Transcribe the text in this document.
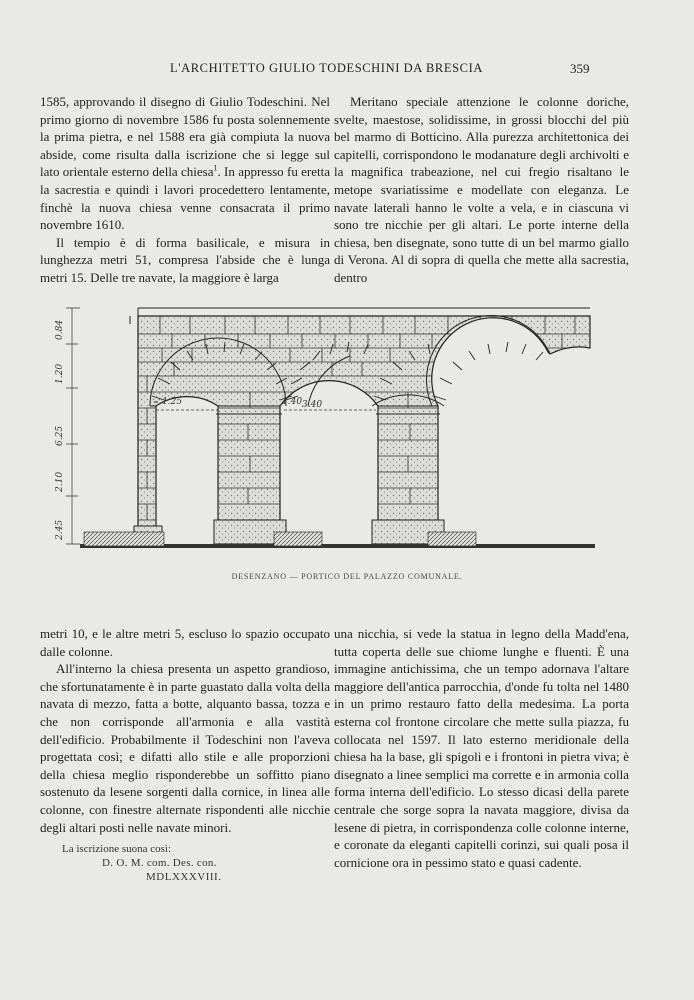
L'ARCHITETTO GIULIO TODESCHINI DA BRESCIA	359

1585, approvando il disegno di Giulio Todeschini. Nel primo giorno di novembre 1586 fu posta solennemente la prima pietra, e nel 1588 era già compiuta la nuova abside, come risulta dalla iscrizione che si legge sul lato orientale esterno della chiesa$^1$. In appresso fu eretta la sacrestia e quindi i lavori procedettero lentamente, finchè la nuova chiesa venne consacrata il primo novembre 1610.

Il tempio è di forma basilicale, e misura in lunghezza metri 51, compresa l'abside che è lunga metri 15. Delle tre navate, la maggiore è larga

Meritano speciale attenzione le colonne doriche, svelte, maestose, solidissime, in grossi blocchi del più bel marmo di Botticino. Alla purezza architettonica dei capitelli, corrispondono le modanature degli archivolti e la magnifica trabeazione, nel cui fregio risaltano le metope svariatissime e modellate con eleganza. Le navate laterali hanno le volte a vela, e in ciascuna vi sono tre nicchie per gli altari. Le porte interne della chiesa, ben disegnate, sono tutte di un bel marmo giallo di Verona. Al di sopra di quella che mette alla sacrestia, dentro

3.40
1.25	1.40
6.25
0.84
1.20
2.10
2.45
DESENZANO — PORTICO DEL PALAZZO COMUNALE.

metri 10, e le altre metri 5, escluso lo spazio occupato dalle colonne.

All'interno la chiesa presenta un aspetto grandioso, che sfortunatamente è in parte guastato dalla volta della navata di mezzo, fatta a botte, alquanto bassa, tozza e che non corrisponde all'armonia e alla vastità dell'edificio. Probabilmente il Todeschini non l'aveva progettata così; e difatti allo stile e alle proporzioni della chiesa meglio risponderebbe un soffitto piano sostenuto da lesene sorgenti dalla cornice, in linea alle colonne, con finestre alternate rispondenti alle nicchie degli altari posti nelle navate minori.

una nicchia, si vede la statua in legno della Madd'ena, tutta coperta delle sue chiome lunghe e fluenti. È una immagine antichissima, che un tempo adornava l'altare maggiore dell'antica parrocchia, d'onde fu tolta nel 1480 in un primo restauro fatto della medesima. La porta esterna col frontone circolare che mette sulla piazza, fu collocata nel 1597. Il lato esterno meridionale della chiesa ha la base, gli spigoli e i frontoni in pietra viva; è disegnato a linee semplici ma corrette e in armonia colla forma interna dell'edificio. Lo stesso dicasi della parete centrale che sorge sopra la navata maggiore, divisa da lesene di pietra, in corrispondenza colle colonne interne, e coronate da eleganti capitelli corinzi, sui quali posa il cornicione ora in pessimo stato e quasi cadente.

La iscrizione suona così:
D. O. M. com. Des. con.
MDLXXXVIII.
